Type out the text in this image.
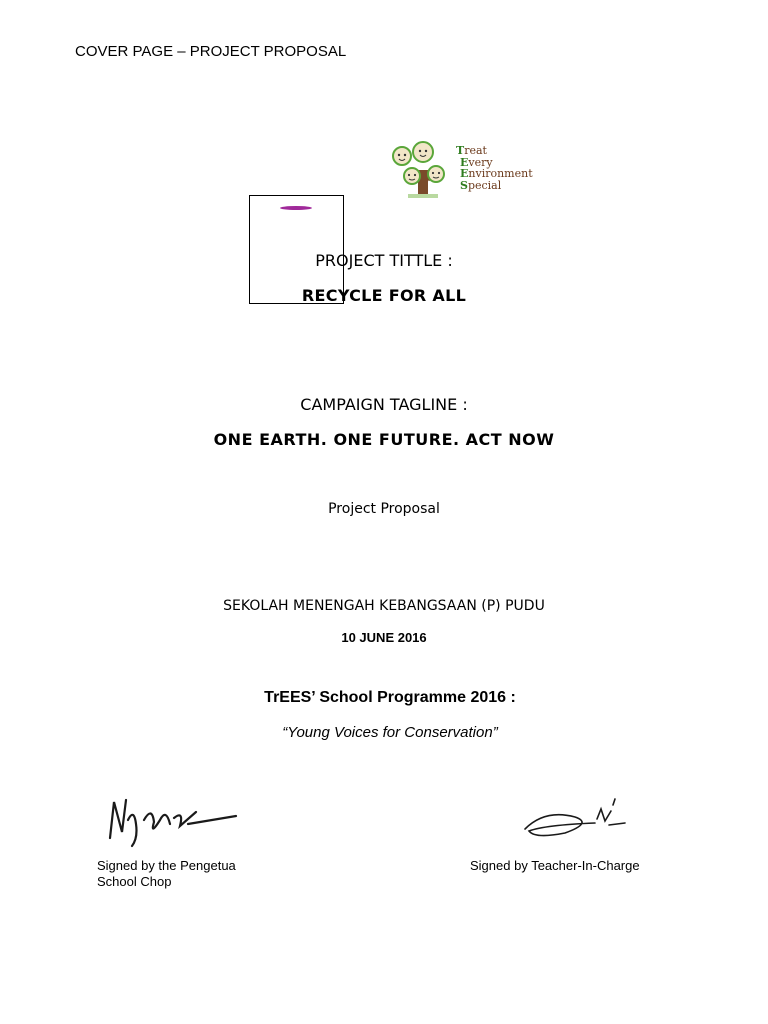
COVER PAGE – PROJECT PROPOSAL
Treat
Every
Environment
Special
PROJECT TITTLE :
RECYCLE FOR ALL
CAMPAIGN TAGLINE :
ONE EARTH. ONE FUTURE. ACT NOW
Project Proposal
SEKOLAH MENENGAH KEBANGSAAN (P) PUDU
10 JUNE 2016
TrEES’ School Programme 2016 :
“Young Voices for Conservation”
Signed by the Pengetua
School Chop
Signed by Teacher-In-Charge
